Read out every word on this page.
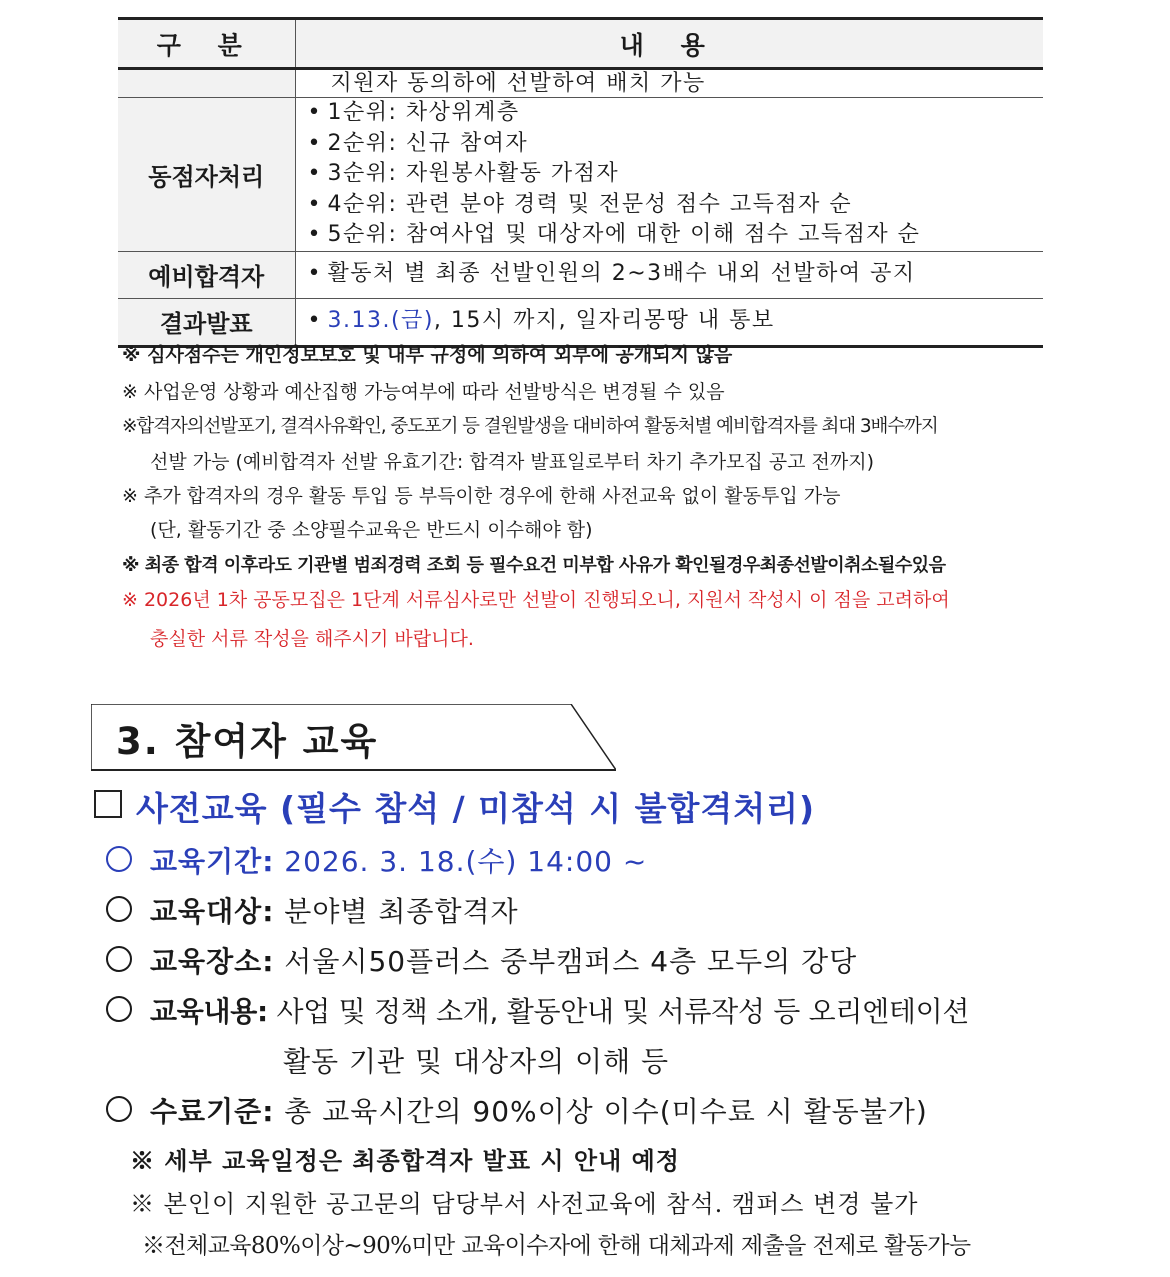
구 분	내 용
	지원자 동의하에 선발하여 배치 가능
동점자처리	• 1순위: 차상위계층
• 2순위: 신규 참여자
• 3순위: 자원봉사활동 가점자
• 4순위: 관련 분야 경력 및 전문성 점수 고득점자 순
• 5순위: 참여사업 및 대상자에 대한 이해 점수 고득점자 순

예비합격자	• 활동처 별 최종 선발인원의 2~3배수 내외 선발하여 공지

결과발표	• 3.13.(금), 15시 까지, 일자리몽땅 내 통보
※ 심사점수는 개인정보보호 및 내부 규정에 의하여 외부에 공개되지 않음
※ 사업운영 상황과 예산집행 가능여부에 따라 선발방식은 변경될 수 있음
※합격자의선발포기, 결격사유확인, 중도포기 등 결원발생을 대비하여 활동처별 예비합격자를 최대 3배수까지
선발 가능 (예비합격자 선발 유효기간: 합격자 발표일로부터 차기 추가모집 공고 전까지)
※ 추가 합격자의 경우 활동 투입 등 부득이한 경우에 한해 사전교육 없이 활동투입 가능
(단, 활동기간 중 소양필수교육은 반드시 이수해야 함)
※ 최종 합격 이후라도 기관별 범죄경력 조회 등 필수요건 미부합 사유가 확인될경우최종선발이취소될수있음
※ 2026년 1차 공동모집은 1단계 서류심사로만 선발이 진행되오니, 지원서 작성시 이 점을 고려하여
충실한 서류 작성을 해주시기 바랍니다.
3. 참여자 교육
사전교육 (필수 참석 / 미참석 시 불합격처리)
교육기간: 2026. 3. 18.(수) 14:00 ~
교육대상: 분야별 최종합격자
교육장소: 서울시50플러스 중부캠퍼스 4층 모두의 강당
교육내용: 사업 및 정책 소개, 활동안내 및 서류작성 등 오리엔테이션
활동 기관 및 대상자의 이해 등
수료기준: 총 교육시간의 90%이상 이수(미수료 시 활동불가)
※ 세부 교육일정은 최종합격자 발표 시 안내 예정
※ 본인이 지원한 공고문의 담당부서 사전교육에 참석. 캠퍼스 변경 불가
※전체교육80%이상~90%미만 교육이수자에 한해 대체과제 제출을 전제로 활동가능
